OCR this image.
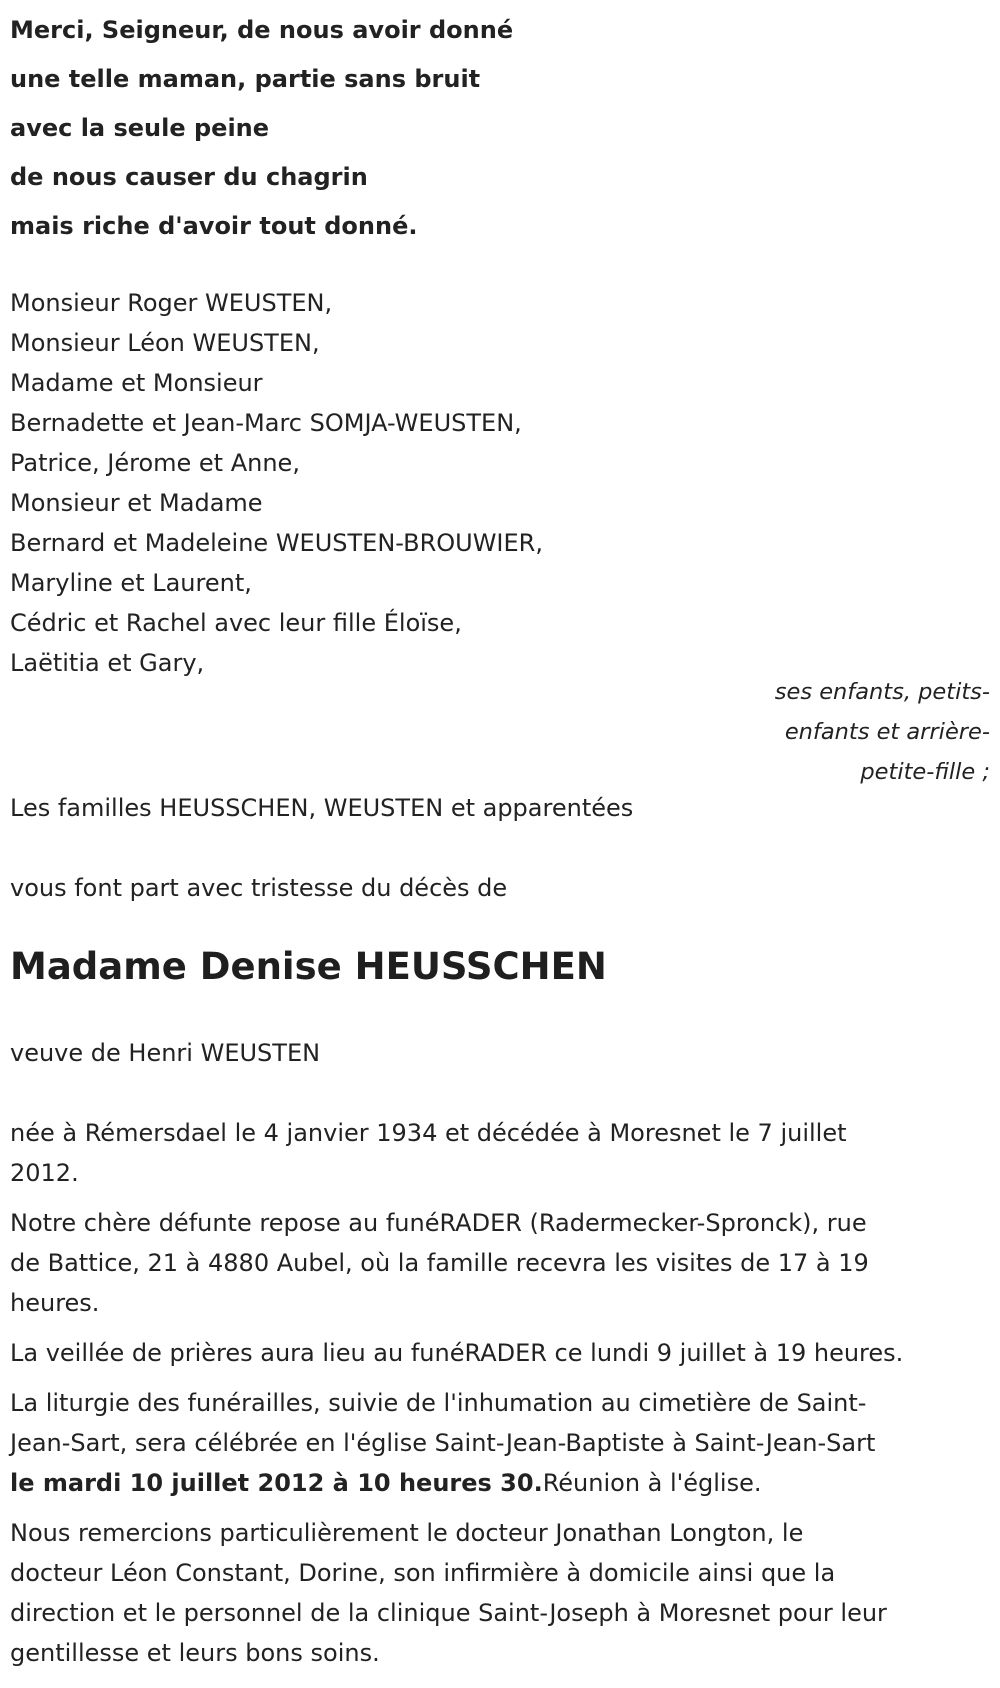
Merci, Seigneur, de nous avoir donné
une telle maman, partie sans bruit
avec la seule peine
de nous causer du chagrin
mais riche d'avoir tout donné.
Monsieur Roger WEUSTEN,
Monsieur Léon WEUSTEN,
Madame et Monsieur
Bernadette et Jean-Marc SOMJA-WEUSTEN,
Patrice, Jérome et Anne,
Monsieur et Madame
Bernard et Madeleine WEUSTEN-BROUWIER,
Maryline et Laurent,
Cédric et Rachel avec leur fille Éloïse,
Laëtitia et Gary,
ses enfants, petits-
enfants et arrière-
petite-fille ;
Les familles HEUSSCHEN, WEUSTEN et apparentées
vous font part avec tristesse du décès de
Madame Denise HEUSSCHEN
veuve de Henri WEUSTEN
née à Rémersdael le 4 janvier 1934 et décédée à Moresnet le 7 juillet
2012.
Notre chère défunte repose au funéRADER (Radermecker-Spronck), rue
de Battice, 21 à 4880 Aubel, où la famille recevra les visites de 17 à 19
heures.
La veillée de prières aura lieu au funéRADER ce lundi 9 juillet à 19 heures.
La liturgie des funérailles, suivie de l'inhumation au cimetière de Saint-
Jean-Sart, sera célébrée en l'église Saint-Jean-Baptiste à Saint-Jean-Sart
le mardi 10 juillet 2012 à 10 heures 30.Réunion à l'église.
Nous remercions particulièrement le docteur Jonathan Longton, le
docteur Léon Constant, Dorine, son infirmière à domicile ainsi que la
direction et le personnel de la clinique Saint-Joseph à Moresnet pour leur
gentillesse et leurs bons soins.
